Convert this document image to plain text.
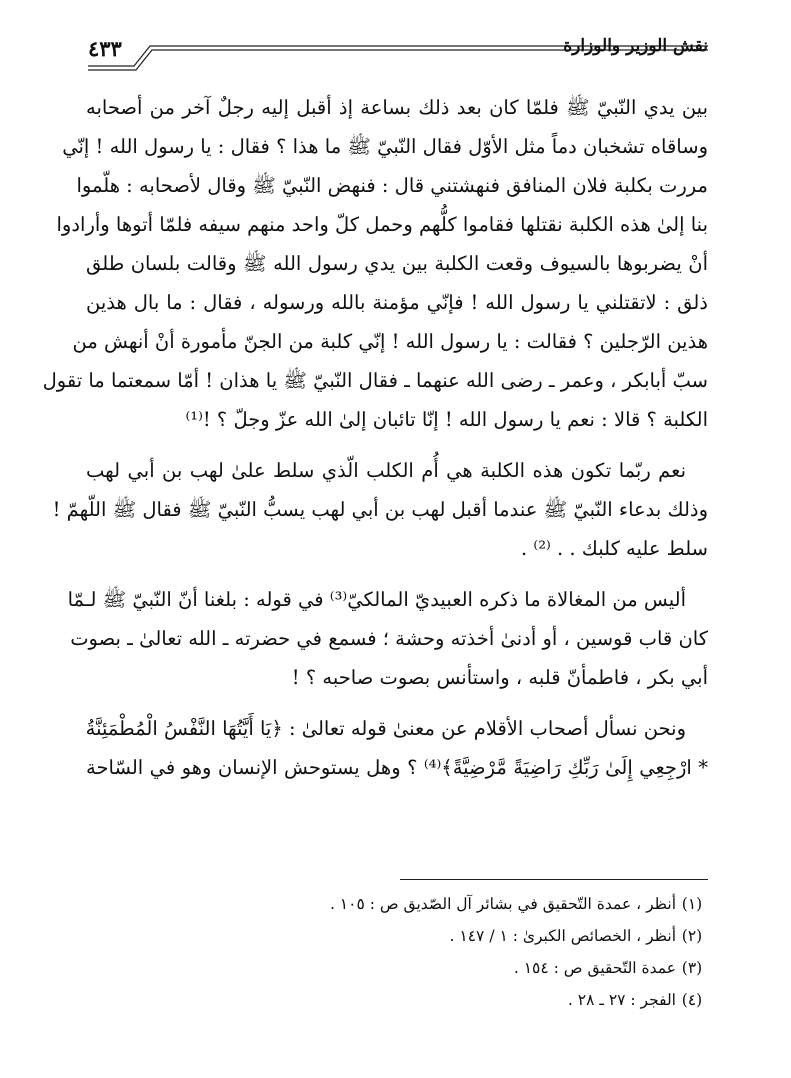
٤٣٣	نقش الوزير والوزارة

بين يدي النّبيّ ﷺ فلمّا كان بعد ذلك بساعة إذ أقبل إليه رجلٌ آخر من أصحابه
وساقاه تشخبان دماً مثل الأوّل فقال النّبيّ ﷺ ما هذا ؟ فقال : يا رسول الله ! إنّي
مررت بكلبة فلان المنافق فنهشتني قال : فنهض النّبيّ ﷺ وقال لأصحابه : هلّموا
بنا إلىٰ هذه الكلبة نقتلها فقاموا كلُّهم وحمل كلّ واحد منهم سيفه فلمّا أتوها وأرادوا
أنْ يضربوها بالسيوف وقعت الكلبة بين يدي رسول الله ﷺ وقالت بلسان طلق
ذلق : لاتقتلني يا رسول الله ! فإنّي مؤمنة بالله ورسوله ، فقال : ما بال هذين
هذين الرّجلين ؟ فقالت : يا رسول الله ! إنّي كلبة من الجنّ مأمورة أنْ أنهش من
سبّ أبابكر ، وعمر ـ رضى الله عنهما ـ فقال النّبيّ ﷺ يا هذان ! أمّا سمعتما ما تقول
الكلبة ؟ قالا : نعم يا رسول الله ! إنّا تائبان إلىٰ الله عزّ وجلّ ؟ !⁽¹⁾

نعم ربّما تكون هذه الكلبة هي أُم الكلب الّذي سلط علىٰ لهب بن أبي لهب
وذلك بدعاء النّبيّ ﷺ عندما أقبل لهب بن أبي لهب يسبُّ النّبيّ ﷺ فقال ﷺ اللّهمّ !
سلط عليه كلبك . . ⁽²⁾ .

أليس من المغالاة ما ذكره العبيديّ المالكيّ⁽³⁾ في قوله : بلغنا أنّ النّبيّ ﷺ لـمّا
كان قاب قوسين ، أو أدنىٰ أخذته وحشة ؛ فسمع في حضرته ـ الله تعالىٰ ـ بصوت
أبي بكر ، فاطمأنّ قلبه ، واستأنس بصوت صاحبه ؟ !

ونحن نسأل أصحاب الأقلام عن معنىٰ قوله تعالىٰ : ﴿يَا أَيَّتُهَا النَّفْسُ الْمُطْمَئِنَّةُ
* ارْجِعِي إِلَىٰ رَبِّكِ رَاضِيَةً مَّرْضِيَّةً﴾⁽⁴⁾ ؟ وهل يستوحش الإنسان وهو في السّاحة

(١)أنظر ، عمدة التّحقيق في بشائر آل الصّديق ص : ١٠٥ .
(٢)أنظر ، الخصائص الكبرىٰ : ١ / ١٤٧ .
(٣)عمدة التّحقيق ص : ١٥٤ .
(٤)الفجر : ٢٧ ـ ٢٨ .
